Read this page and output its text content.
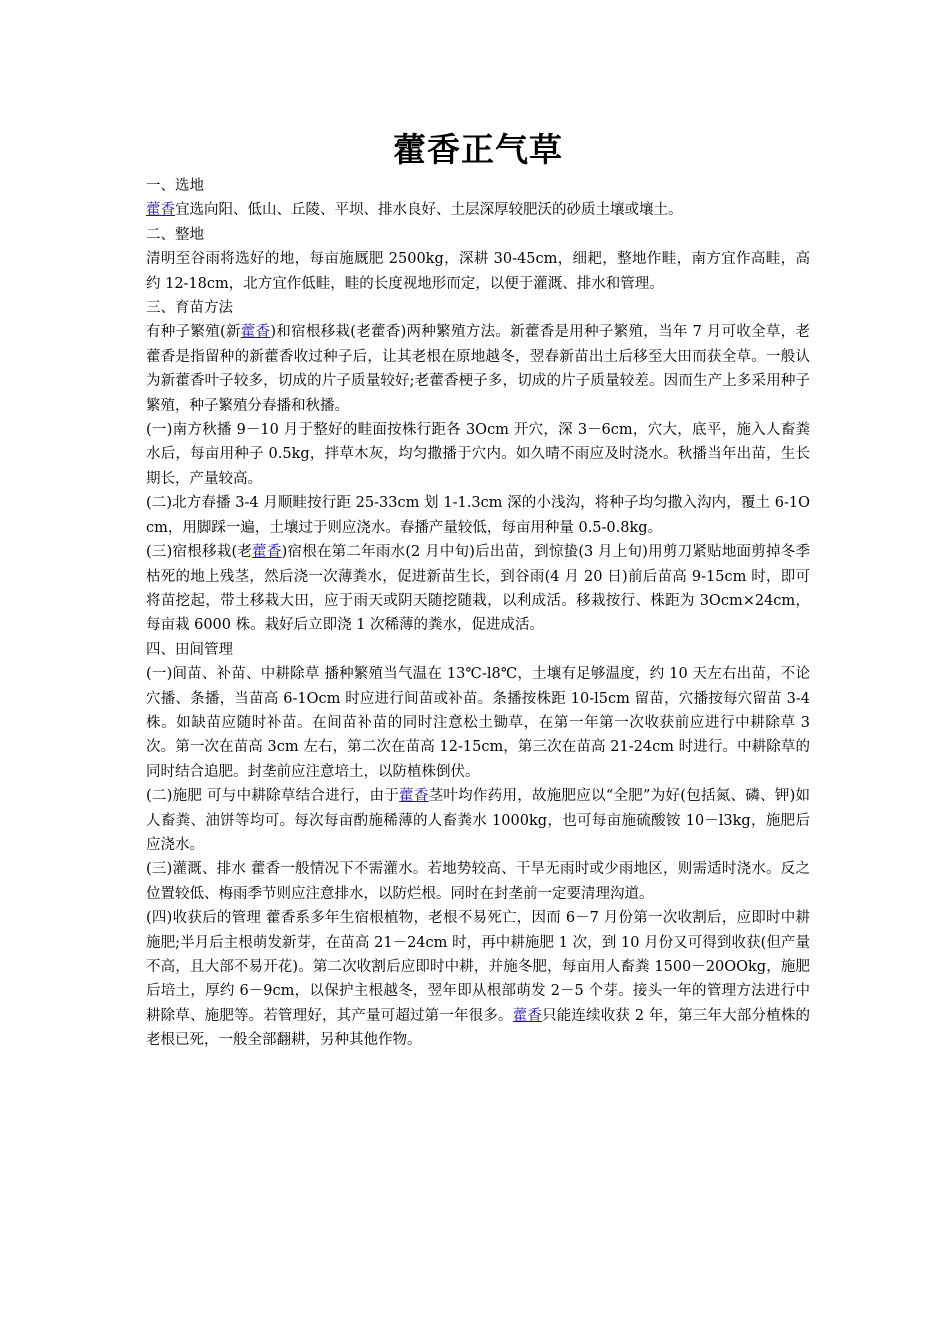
藿香正气草

一、选地

藿香宜选向阳、低山、丘陵、平坝、排水良好、土层深厚较肥沃的砂质土壤或壤土。

二、整地

清明至谷雨将选好的地，每亩施厩肥 2500kg，深耕 30-45cm，细耙，整地作畦，南方宜作高畦，高约 12-18cm，北方宜作低畦，畦的长度视地形而定，以便于灌溉、排水和管理。

三、育苗方法

有种子繁殖(新藿香)和宿根移栽(老藿香)两种繁殖方法。新藿香是用种子繁殖，当年 7 月可收全草，老藿香是指留种的新藿香收过种子后，让其老根在原地越冬，翌春新苗出土后移至大田而获全草。一般认为新藿香叶子较多，切成的片子质量较好;老藿香梗子多，切成的片子质量较差。因而生产上多采用种子繁殖，种子繁殖分春播和秋播。

(一)南方秋播 9－10 月于整好的畦面按株行距各 3Ocm 开穴，深 3－6cm，穴大，底平，施入人畜粪水后，每亩用种子 0.5kg，拌草木灰，均匀撒播于穴内。如久晴不雨应及时浇水。秋播当年出苗，生长期长，产量较高。

(二)北方春播 3-4 月顺畦按行距 25-33cm 划 1-1.3cm 深的小浅沟，将种子均匀撒入沟内，覆土 6-1Ocm，用脚踩一遍，土壤过于则应浇水。春播产量较低，每亩用种量 0.5-0.8kg。

(三)宿根移栽(老藿香)宿根在第二年雨水(2 月中旬)后出苗，到惊蛰(3 月上旬)用剪刀紧贴地面剪掉冬季枯死的地上残茎，然后浇一次薄粪水，促进新苗生长，到谷雨(4 月 20 日)前后苗高 9-15cm 时，即可将苗挖起，带土移栽大田，应于雨天或阴天随挖随栽，以利成活。移栽按行、株距为 3Ocm×24cm，每亩栽 6000 株。栽好后立即浇 1 次稀薄的粪水，促进成活。

四、田间管理

(一)间苗、补苗、中耕除草 播种繁殖当气温在 13℃-l8℃，土壤有足够温度，约 10 天左右出苗，不论穴播、条播，当苗高 6-1Ocm 时应进行间苗或补苗。条播按株距 10-l5cm 留苗，穴播按每穴留苗 3-4 株。如缺苗应随时补苗。在间苗补苗的同时注意松土锄草，在第一年第一次收获前应进行中耕除草 3 次。第一次在苗高 3cm 左右，第二次在苗高 12-15cm，第三次在苗高 21-24cm 时进行。中耕除草的同时结合追肥。封垄前应注意培土，以防植株倒伏。

(二)施肥 可与中耕除草结合进行，由于藿香茎叶均作药用，故施肥应以“全肥”为好(包括氮、磷、钾)如人畜粪、油饼等均可。每次每亩酌施稀薄的人畜粪水 1000kg，也可每亩施硫酸铵 10－l3kg，施肥后应浇水。

(三)灌溉、排水 藿香一般情况下不需灌水。若地势较高、干旱无雨时或少雨地区，则需适时浇水。反之位置较低、梅雨季节则应注意排水，以防烂根。同时在封垄前一定要清理沟道。

(四)收获后的管理 藿香系多年生宿根植物，老根不易死亡，因而 6－7 月份第一次收割后，应即时中耕施肥;半月后主根萌发新芽，在苗高 21－24cm 时，再中耕施肥 1 次，到 10 月份又可得到收获(但产量不高，且大部不易开花)。第二次收割后应即时中耕，并施冬肥，每亩用人畜粪 1500－20OOkg，施肥后培土，厚约 6－9cm，以保护主根越冬，翌年即从根部萌发 2－5 个芽。接头一年的管理方法进行中耕除草、施肥等。若管理好，其产量可超过第一年很多。藿香只能连续收获 2 年，第三年大部分植株的老根已死，一般全部翻耕，另种其他作物。
